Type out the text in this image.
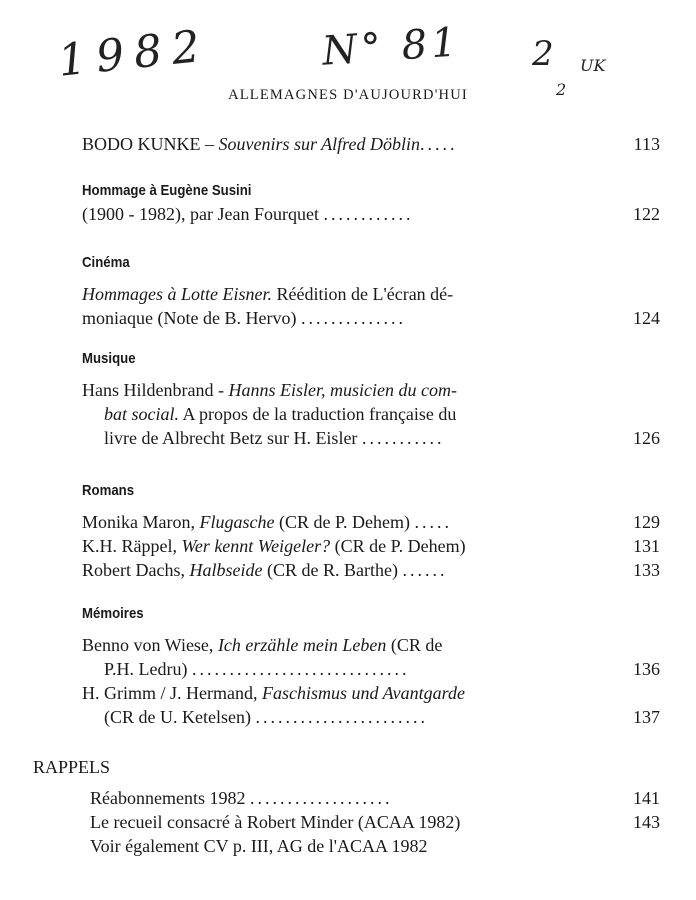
1982	N° 81 2 UK
2
ALLEMAGNES D'AUJOURD'HUI
BODO KUNKE – Souvenirs sur Alfred Döblin.....	113
Hommage à Eugène Susini
(1900 - 1982), par Jean Fourquet ............	122
Cinéma
Hommages à Lotte Eisner. Réédition de L'écran dé-
moniaque (Note de B. Hervo) ..............	124
Musique
Hans Hildenbrand - Hanns Eisler, musicien du com-
bat social. A propos de la traduction française du
livre de Albrecht Betz sur H. Eisler ...........	126
Romans
Monika Maron, Flugasche (CR de P. Dehem) .....	129
K.H. Räppel, Wer kennt Weigeler? (CR de P. Dehem)	131
Robert Dachs, Halbseide (CR de R. Barthe) ......	133
Mémoires
Benno von Wiese, Ich erzähle mein Leben (CR de
P.H. Ledru) .............................	136
H. Grimm / J. Hermand, Faschismus und Avantgarde
(CR de U. Ketelsen) .......................	137
RAPPELS
Réabonnements 1982 ...................	141
Le recueil consacré à Robert Minder (ACAA 1982)	143
Voir également CV p. III, AG de l'ACAA 1982
